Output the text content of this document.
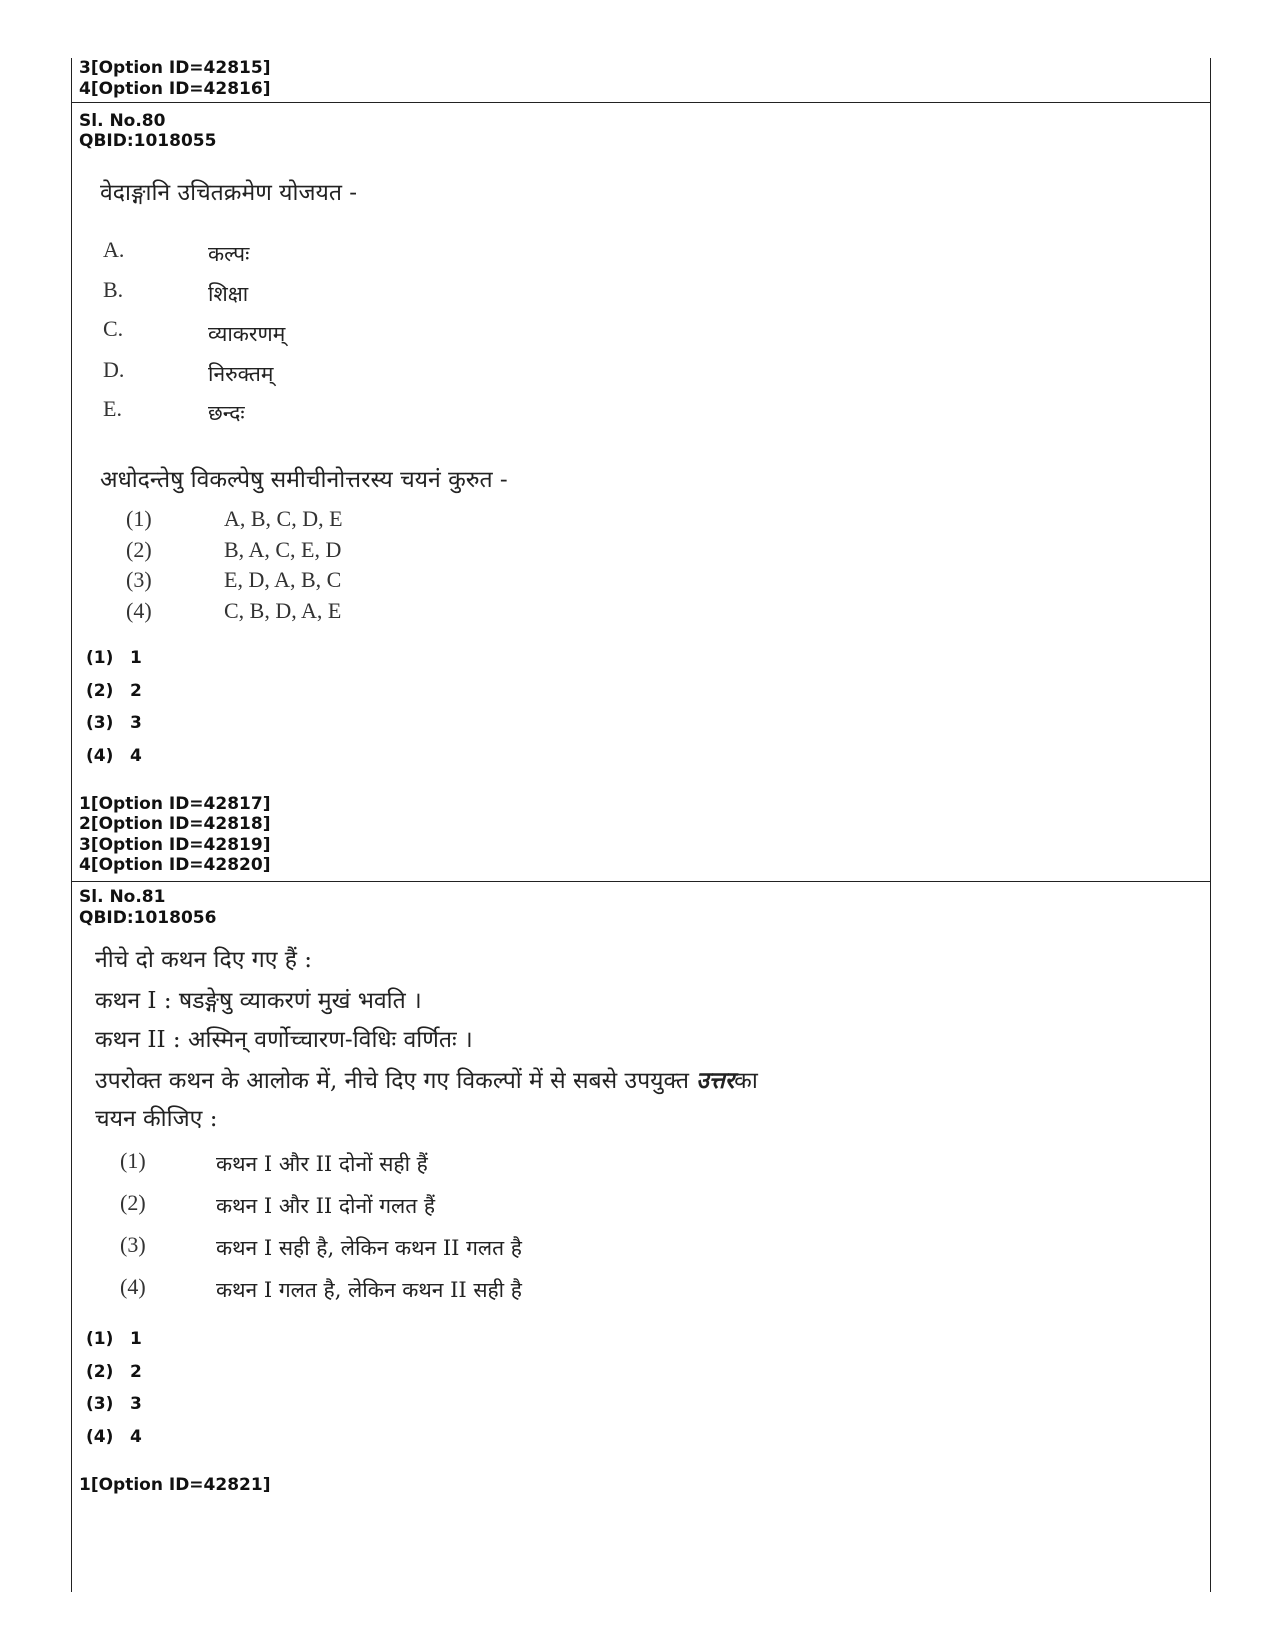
3[Option ID=42815]
4[Option ID=42816]
Sl. No.80
QBID:1018055
वेदाङ्गानि उचितक्रमेण योजयत -
A.	कल्पः
B.	शिक्षा
C.	व्याकरणम्
D.	निरुक्तम्
E.	छन्दः
अधोदन्तेषु विकल्पेषु समीचीनोत्तरस्य चयनं कुरुत -
(1)	A, B, C, D, E
(2)	B, A, C, E, D
(3)	E, D, A, B, C
(4)	C, B, D, A, E
(1) 1
(2) 2
(3) 3
(4) 4
1[Option ID=42817]
2[Option ID=42818]
3[Option ID=42819]
4[Option ID=42820]
Sl. No.81
QBID:1018056
नीचे दो कथन दिए गए हैं :
कथन I : षडङ्गेषु व्याकरणं मुखं भवति ।
कथन II : अस्मिन् वर्णोच्चारण-विधिः वर्णितः ।
उपरोक्त कथन के आलोक में, नीचे दिए गए विकल्पों में से सबसे उपयुक्त उत्तरका
चयन कीजिए :
(1)	कथन I और II दोनों सही हैं
(2)	कथन I और II दोनों गलत हैं
(3)	कथन I सही है, लेकिन कथन II गलत है
(4)	कथन I गलत है, लेकिन कथन II सही है
(1) 1
(2) 2
(3) 3
(4) 4
1[Option ID=42821]
